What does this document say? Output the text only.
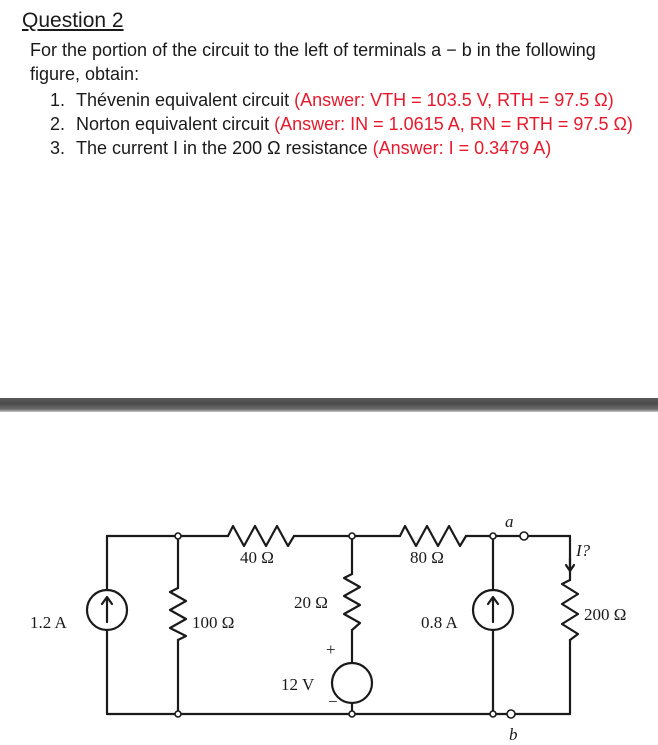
Question 2
For the portion of the circuit to the left of terminals a − b in the following figure, obtain:
1. Thévenin equivalent circuit (Answer: VTH = 103.5 V, RTH = 97.5 Ω)
2. Norton equivalent circuit (Answer: IN = 1.0615 A, RN = RTH = 97.5 Ω)
3. The current I in the 200 Ω resistance (Answer: I = 0.3479 A)
1.2 A	100 Ω
40 Ω
20 Ω
12 V
+
−
80 Ω
0.8 A
a
b
I?
200 Ω
